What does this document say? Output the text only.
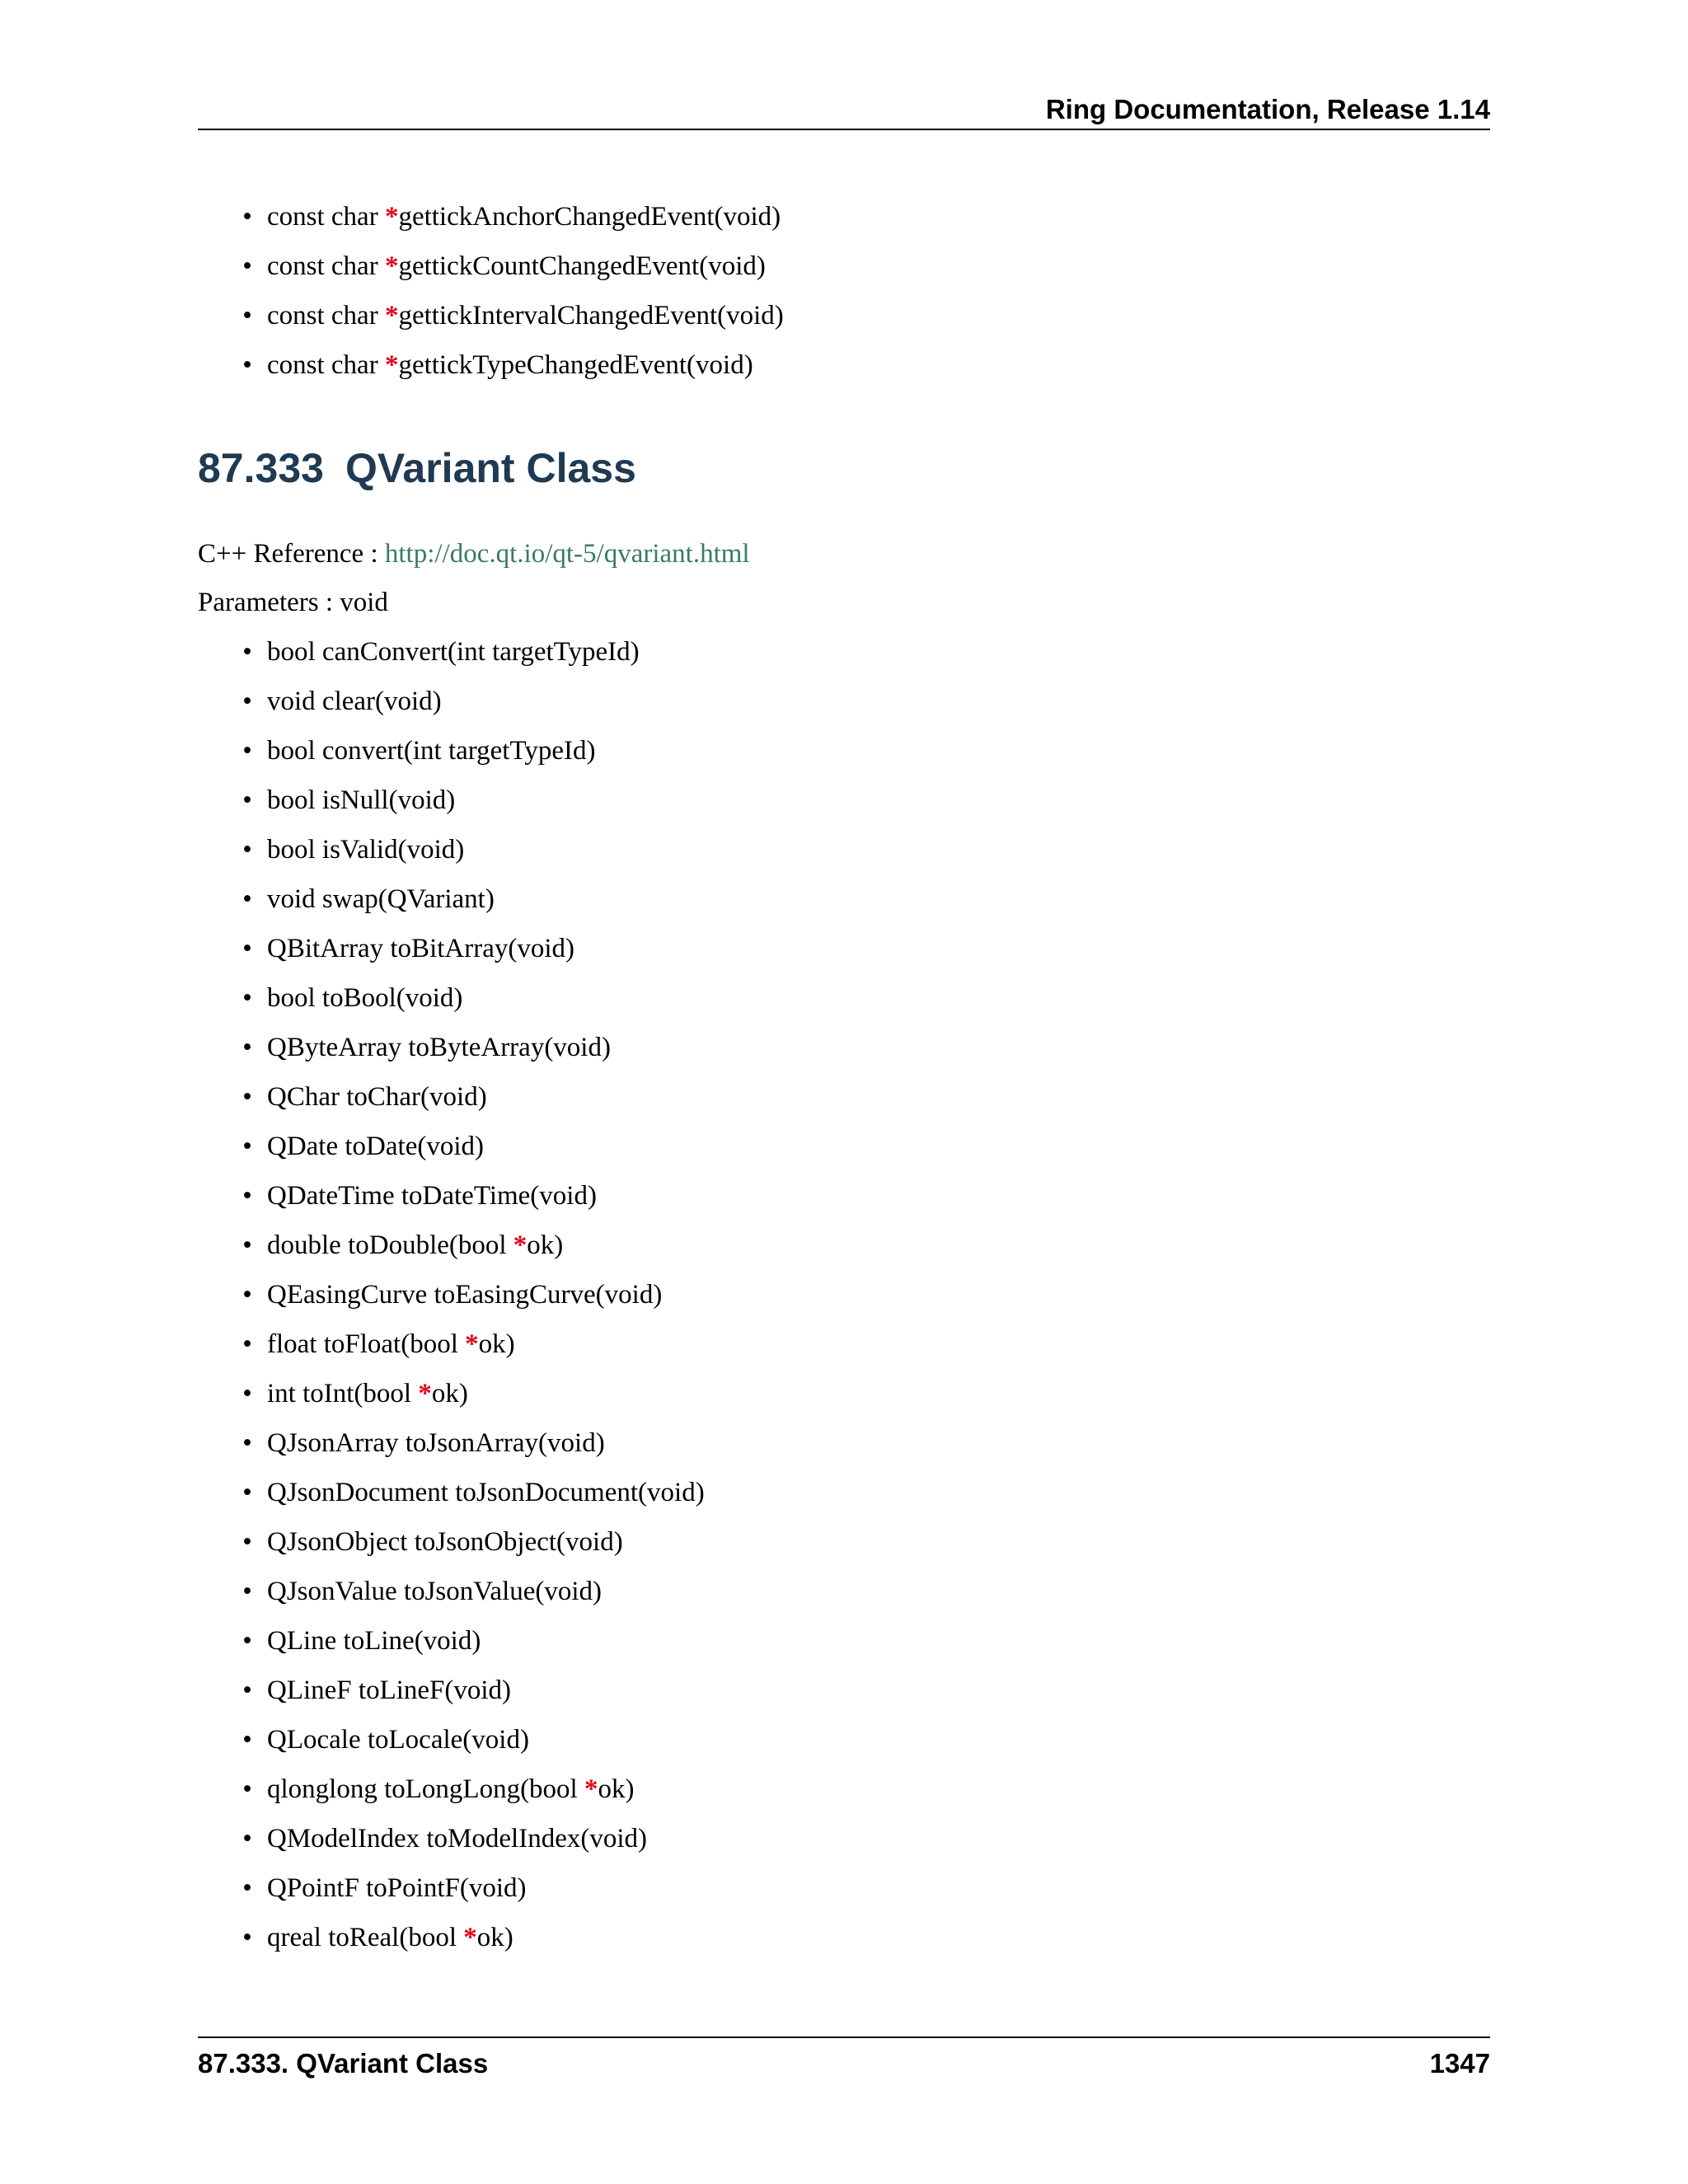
Ring Documentation, Release 1.14
• const char *gettickAnchorChangedEvent(void)
• const char *gettickCountChangedEvent(void)
• const char *gettickIntervalChangedEvent(void)
• const char *gettickTypeChangedEvent(void)
87.333 QVariant Class
C++ Reference : http://doc.qt.io/qt-5/qvariant.html
Parameters : void
• bool canConvert(int targetTypeId)
• void clear(void)
• bool convert(int targetTypeId)
• bool isNull(void)
• bool isValid(void)
• void swap(QVariant)
• QBitArray toBitArray(void)
• bool toBool(void)
• QByteArray toByteArray(void)
• QChar toChar(void)
• QDate toDate(void)
• QDateTime toDateTime(void)
• double toDouble(bool *ok)
• QEasingCurve toEasingCurve(void)
• float toFloat(bool *ok)
• int toInt(bool *ok)
• QJsonArray toJsonArray(void)
• QJsonDocument toJsonDocument(void)
• QJsonObject toJsonObject(void)
• QJsonValue toJsonValue(void)
• QLine toLine(void)
• QLineF toLineF(void)
• QLocale toLocale(void)
• qlonglong toLongLong(bool *ok)
• QModelIndex toModelIndex(void)
• QPointF toPointF(void)
• qreal toReal(bool *ok)
87.333. QVariant Class	1347
